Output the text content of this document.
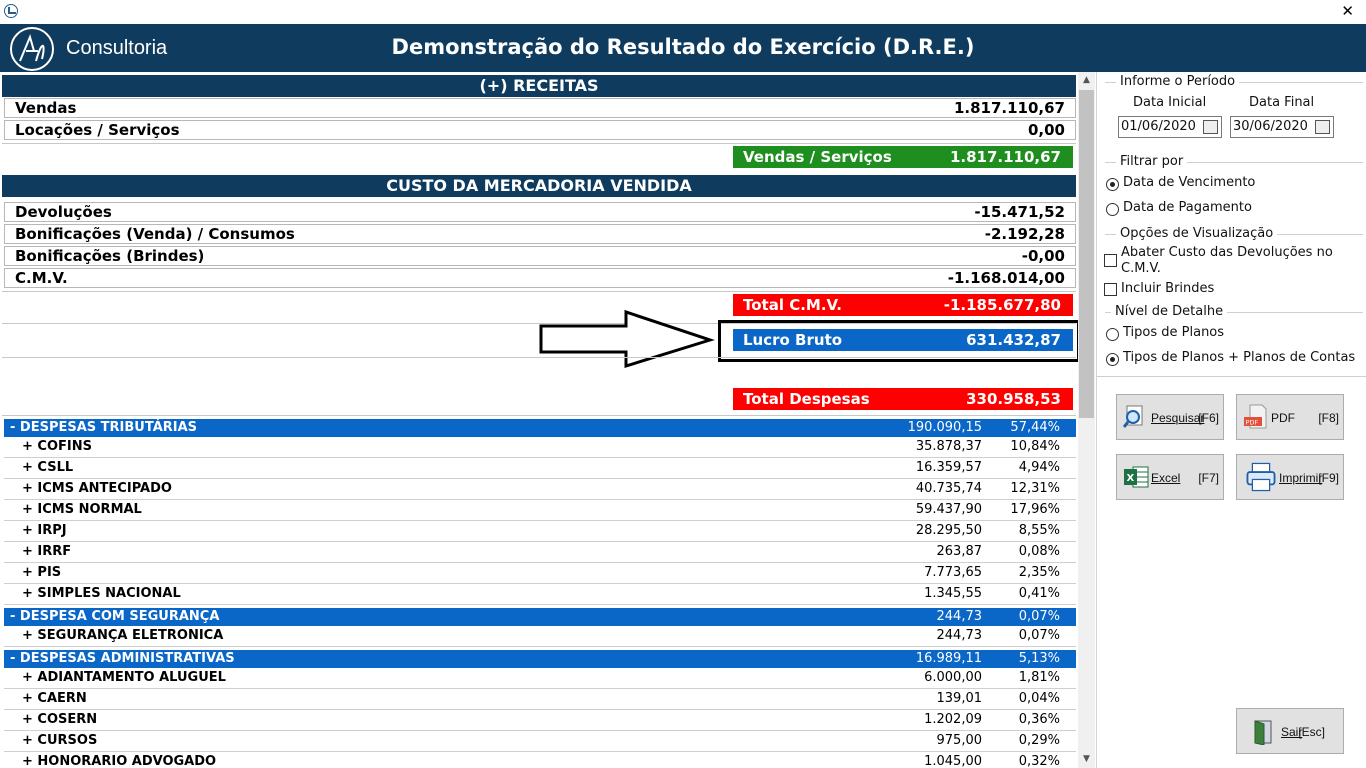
✕
Consultoria	Demonstração do Resultado do Exercício (D.R.E.)
(+) RECEITAS
Vendas	1.817.110,67
Locações / Serviços	0,00
Vendas / Serviços	1.817.110,67
CUSTO DA MERCADORIA VENDIDA
Devoluções	-15.471,52
Bonificações (Venda) / Consumos	-2.192,28
Bonificações (Brindes)	-0,00
C.M.V.	-1.168.014,00
Total C.M.V.	-1.185.677,80
Lucro Bruto	631.432,87
Total Despesas	330.958,53
- DESPESAS TRIBUTÁRIAS	190.090,15 57,44%
+ COFINS	35.878,37 10,84%
+ CSLL	16.359,57	4,94%
+ ICMS ANTECIPADO	40.735,74 12,31%
+ ICMS NORMAL	59.437,90 17,96%
+ IRPJ	28.295,50	8,55%
+ IRRF	263,87	0,08%
+ PIS	7.773,65	2,35%
+ SIMPLES NACIONAL	1.345,55	0,41%
- DESPESA COM SEGURANÇA	244,73	0,07%
+ SEGURANÇA ELETRONICA	244,73	0,07%
- DESPESAS ADMINISTRATIVAS	16.989,11	5,13%
+ ADIANTAMENTO ALUGUEL	6.000,00	1,81%
+ CAERN	139,01	0,04%
+ COSERN	1.202,09	0,36%
+ CURSOS	975,00	0,29%
+ HONORARIO ADVOGADO	1.045,00	0,32%
▲
▼
Informe o Período
Data Inicial	Data Final
01/06/2020	30/06/2020
Filtrar por
Data de Vencimento
Data de Pagamento
Opções de Visualização
Abater Custo das Devoluções no
C.M.V.
Incluir Brindes
Nível de Detalhe
Tipos de Planos
Tipos de Planos + Planos de Contas
Pesquisar
[F6]	PDF PDF [F8]
X Excel [F7]	Imprimir
[F9]
Sair
[Esc]
